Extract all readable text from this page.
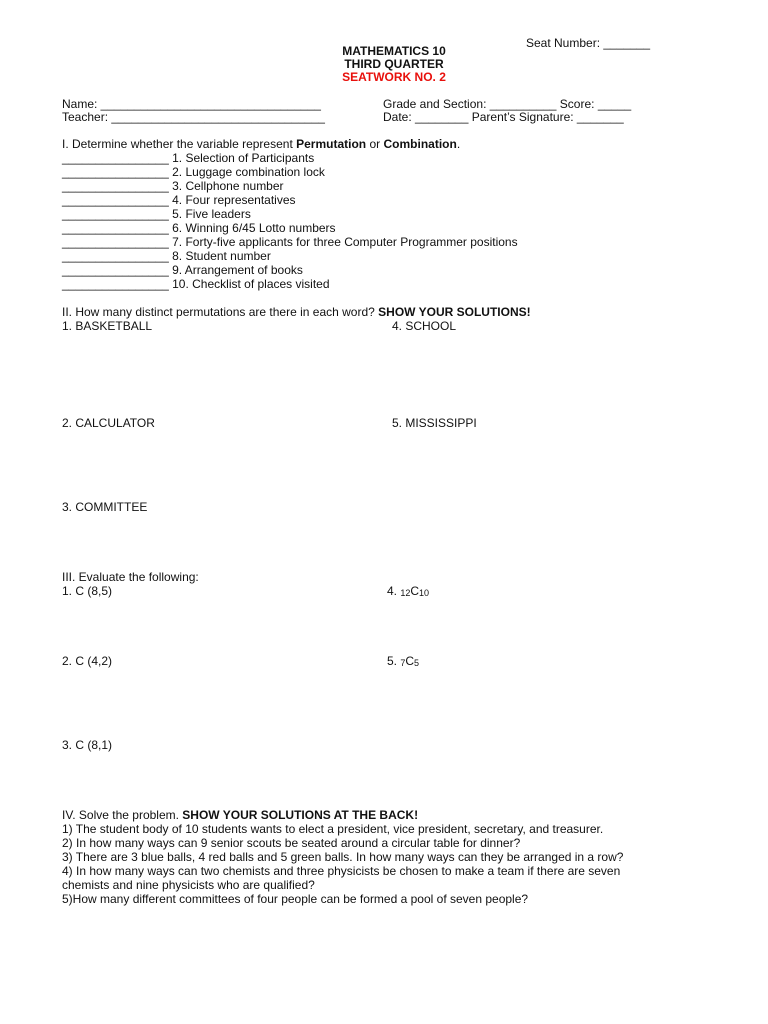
Seat Number: _______
MATHEMATICS 10
THIRD QUARTER
SEATWORK NO. 2
Name: _________________________________	Grade and Section: __________ Score: _____
Teacher: ________________________________	Date: ________ Parent’s Signature: _______
I. Determine whether the variable represent Permutation or Combination.
________________ 1. Selection of Participants
________________ 2. Luggage combination lock
________________ 3. Cellphone number
________________ 4. Four representatives
________________ 5. Five leaders
________________ 6. Winning 6/45 Lotto numbers
________________ 7. Forty-five applicants for three Computer Programmer positions
________________ 8. Student number
________________ 9. Arrangement of books
________________ 10. Checklist of places visited
II. How many distinct permutations are there in each word? SHOW YOUR SOLUTIONS!
1. BASKETBALL	4. SCHOOL
2. CALCULATOR	5. MISSISSIPPI
3. COMMITTEE
III. Evaluate the following:
1. C (8,5)	4. 12C10
2. C (4,2)	5. 7C5
3. C (8,1)
IV. Solve the problem. SHOW YOUR SOLUTIONS AT THE BACK!
1) The student body of 10 students wants to elect a president, vice president, secretary, and treasurer.
2) In how many ways can 9 senior scouts be seated around a circular table for dinner?
3) There are 3 blue balls, 4 red balls and 5 green balls. In how many ways can they be arranged in a row?
4) In how many ways can two chemists and three physicists be chosen to make a team if there are seven
chemists and nine physicists who are qualified?
5)How many different committees of four people can be formed a pool of seven people?
